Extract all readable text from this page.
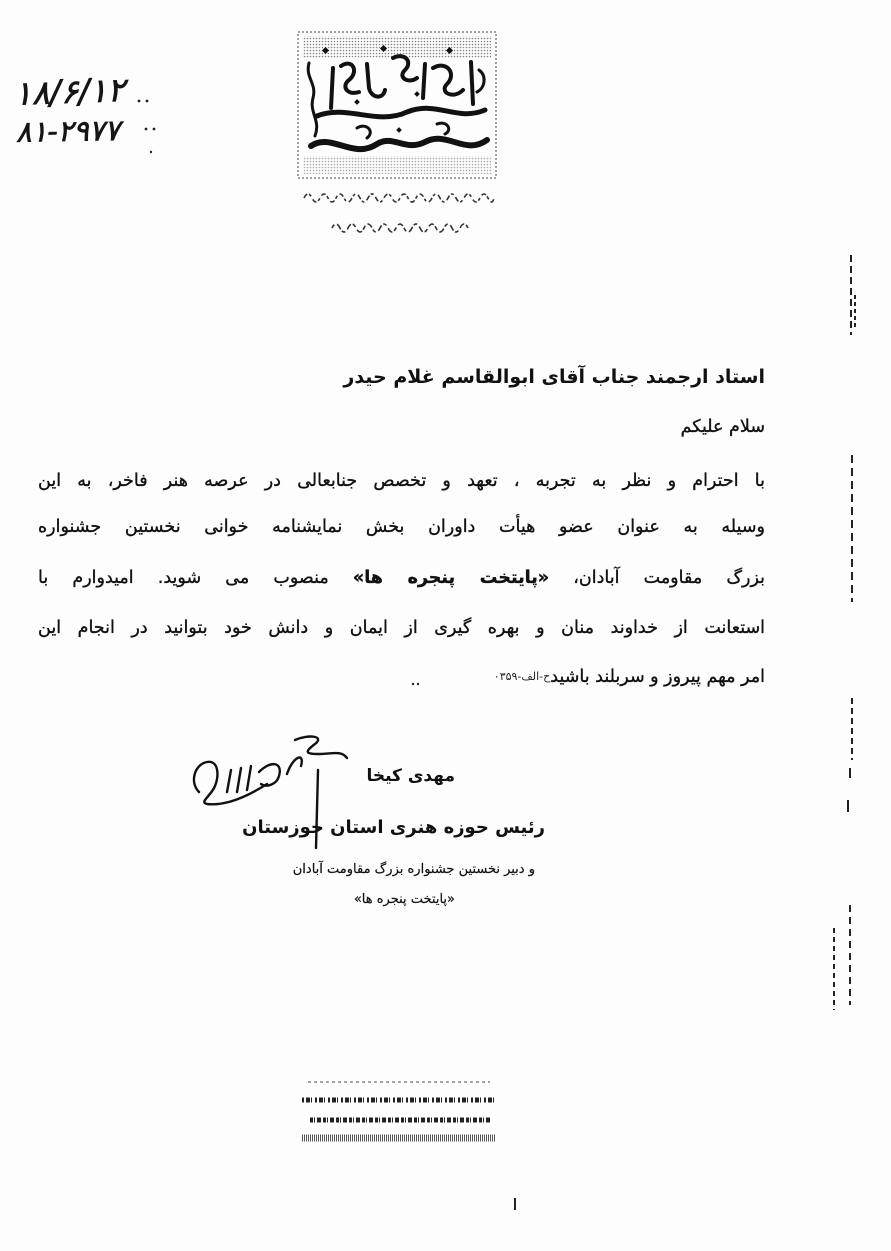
۱۸/۶/۱۲
۸۱-۲۹۷۷
استاد ارجمند جناب آقای ابوالقاسم غلام حیدر
سلام علیکم
با احترام و نظر به تجربه ، تعهد و تخصص جنابعالی در عرصه هنر فاخر، به این
وسیله به عنوان عضو هیأت داوران بخش نمایشنامه خوانی نخستین جشنواره
بزرگ مقاومت آبادان، «پایتخت پنجره ها» منصوب می شوید. امیدوارم با
استعانت از خداوند منان و بهره گیری از ایمان و دانش خود بتوانید در انجام این
امر مهم پیروز و سربلند باشیدح-الف-۰۳۵۹
مهدی کیخا
رئیس حوزه هنری استان خوزستان
و دبیر نخستین جشنواره بزرگ مقاومت آبادان
«پایتخت پنجره ها»
